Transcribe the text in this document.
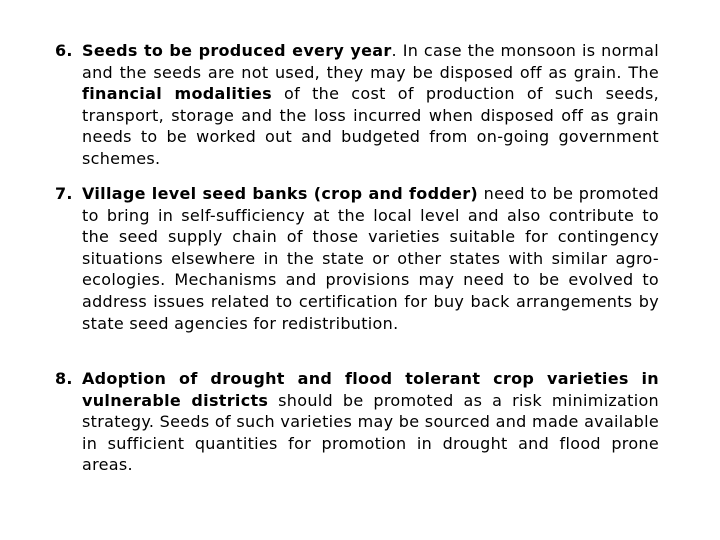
6. Seeds to be produced every year. In case the monsoon is normal and the seeds are not used, they may be disposed off as grain. The financial modalities of the cost of production of such seeds, transport, storage and the loss incurred when disposed off as grain needs to be worked out and budgeted from on-going government schemes.
7. Village level seed banks (crop and fodder) need to be promoted to bring in self-sufficiency at the local level and also contribute to the seed supply chain of those varieties suitable for contingency situations elsewhere in the state or other states with similar agro-ecologies. Mechanisms and provisions may need to be evolved to address issues related to certification for buy back arrangements by state seed agencies for redistribution.
8. Adoption of drought and flood tolerant crop varieties in vulnerable districts should be promoted as a risk minimization strategy. Seeds of such varieties may be sourced and made available in sufficient quantities for promotion in drought and flood prone areas.
